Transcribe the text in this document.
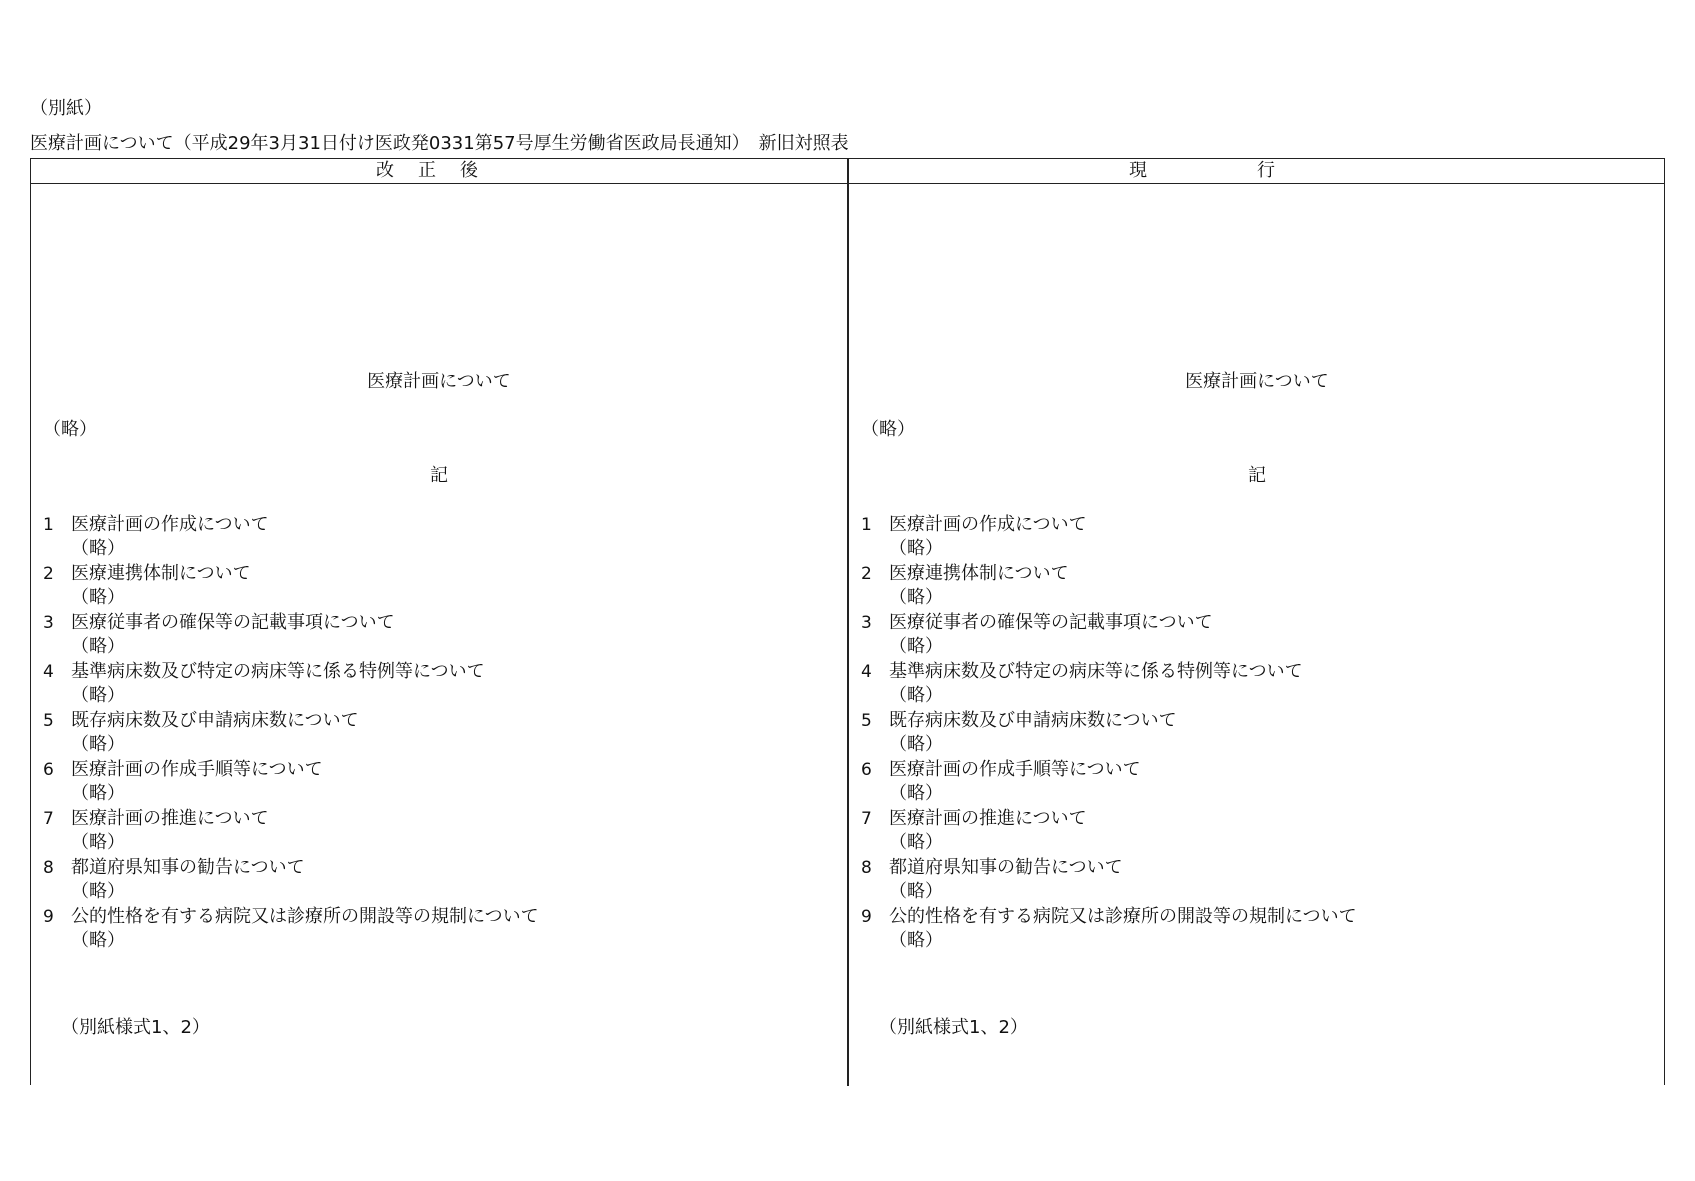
（別紙）
医療計画について（平成29年3月31日付け医政発0331第57号厚生労働省医政局長通知）　新旧対照表
改正後	現行
医療計画について
（略）
記
1 医療計画の作成について
（略）
2 医療連携体制について
（略）
3 医療従事者の確保等の記載事項について
（略）
4 基準病床数及び特定の病床等に係る特例等について
（略）
5 既存病床数及び申請病床数について
（略）
6 医療計画の作成手順等について
（略）
7 医療計画の推進について
（略）
8 都道府県知事の勧告について
（略）
9 公的性格を有する病院又は診療所の開設等の規制について
（略）
（別紙様式1、2）
医療計画について
（略）
記
1 医療計画の作成について
（略）
2 医療連携体制について
（略）
3 医療従事者の確保等の記載事項について
（略）
4 基準病床数及び特定の病床等に係る特例等について
（略）
5 既存病床数及び申請病床数について
（略）
6 医療計画の作成手順等について
（略）
7 医療計画の推進について
（略）
8 都道府県知事の勧告について
（略）
9 公的性格を有する病院又は診療所の開設等の規制について
（略）
（別紙様式1、2）
